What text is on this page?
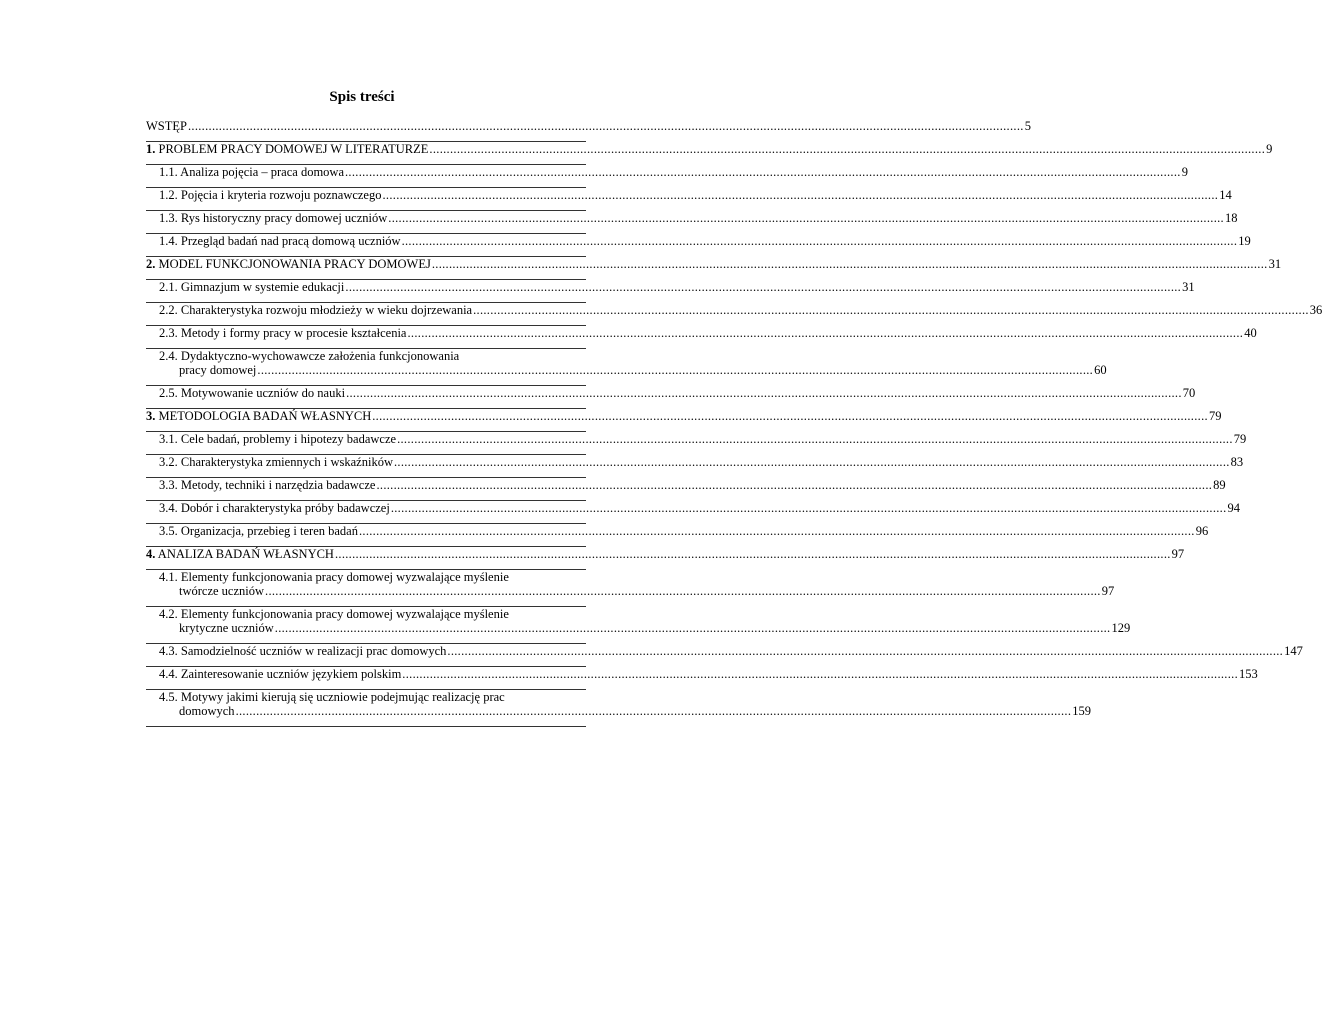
Spis treści
WSTĘP .................................................................................................................................................................................................................................................... 5
1. PROBLEM PRACY DOMOWEJ W LITERATURZE .................................................................................................................................................................................................................................................... 9
1.1. Analiza pojęcia – praca domowa .................................................................................................................................................................................................................................................... 9
1.2. Pojęcia i kryteria rozwoju poznawczego .................................................................................................................................................................................................................................................... 14
1.3. Rys historyczny pracy domowej uczniów .................................................................................................................................................................................................................................................... 18
1.4. Przegląd badań nad pracą domową uczniów .................................................................................................................................................................................................................................................... 19
2. MODEL FUNKCJONOWANIA PRACY DOMOWEJ .................................................................................................................................................................................................................................................... 31
2.1. Gimnazjum w systemie edukacji .................................................................................................................................................................................................................................................... 31
2.2. Charakterystyka rozwoju młodzieży w wieku dojrzewania .................................................................................................................................................................................................................................................... 36
2.3. Metody i formy pracy w procesie kształcenia .................................................................................................................................................................................................................................................... 40
2.4. Dydaktyczno-wychowawcze założenia funkcjonowania
pracy domowej .................................................................................................................................................................................................................................................... 60
2.5. Motywowanie uczniów do nauki .................................................................................................................................................................................................................................................... 70
3. METODOLOGIA BADAŃ WŁASNYCH .................................................................................................................................................................................................................................................... 79
3.1. Cele badań, problemy i hipotezy badawcze .................................................................................................................................................................................................................................................... 79
3.2. Charakterystyka zmiennych i wskaźników .................................................................................................................................................................................................................................................... 83
3.3. Metody, techniki i narzędzia badawcze .................................................................................................................................................................................................................................................... 89
3.4. Dobór i charakterystyka próby badawczej .................................................................................................................................................................................................................................................... 94
3.5. Organizacja, przebieg i teren badań .................................................................................................................................................................................................................................................... 96
4. ANALIZA BADAŃ WŁASNYCH .................................................................................................................................................................................................................................................... 97
4.1. Elementy funkcjonowania pracy domowej wyzwalające myślenie
twórcze uczniów .................................................................................................................................................................................................................................................... 97
4.2. Elementy funkcjonowania pracy domowej wyzwalające myślenie
krytyczne uczniów .................................................................................................................................................................................................................................................... 129
4.3. Samodzielność uczniów w realizacji prac domowych .................................................................................................................................................................................................................................................... 147
4.4. Zainteresowanie uczniów językiem polskim .................................................................................................................................................................................................................................................... 153
4.5. Motywy jakimi kierują się uczniowie podejmując realizację prac
domowych .................................................................................................................................................................................................................................................... 159
